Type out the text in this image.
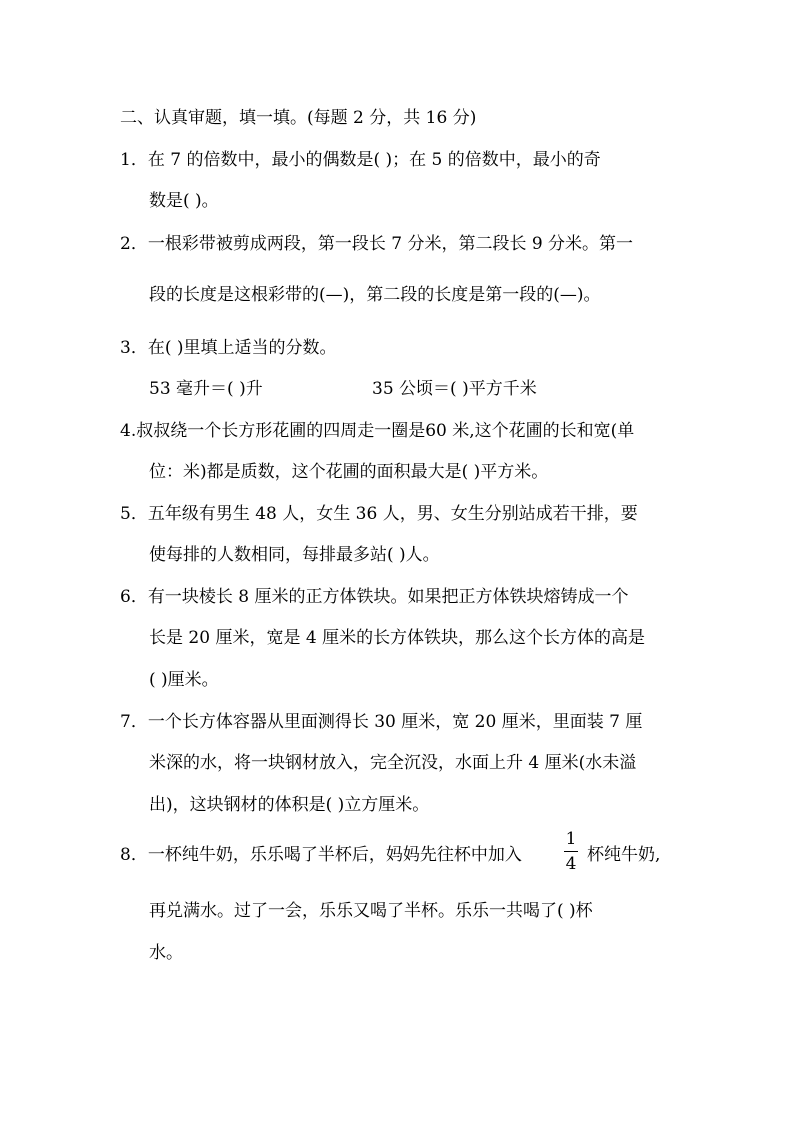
二、认真审题，填一填。(每题 2 分，共 16 分)
1．在 7 的倍数中，最小的偶数是( )；在 5 的倍数中，最小的奇
数是( )。
2．一根彩带被剪成两段，第一段长 7 分米，第二段长 9 分米。第一
段的长度是这根彩带的(—)，第二段的长度是第一段的(—)。
3．在( )里填上适当的分数。
53 毫升＝( )升	35 公顷＝( )平方千米
4.叔叔绕一个长方形花圃的四周走一圈是60 米,这个花圃的长和宽(单
位：米)都是质数，这个花圃的面积最大是( )平方米。
5．五年级有男生 48 人，女生 36 人，男、女生分别站成若干排，要
使每排的人数相同，每排最多站( )人。
6．有一块棱长 8 厘米的正方体铁块。如果把正方体铁块熔铸成一个
长是 20 厘米，宽是 4 厘米的长方体铁块，那么这个长方体的高是
( )厘米。
7．一个长方体容器从里面测得长 30 厘米，宽 20 厘米，里面装 7 厘
米深的水，将一块钢材放入，完全沉没，水面上升 4 厘米(水未溢
出)，这块钢材的体积是( )立方厘米。
8．一杯纯牛奶，乐乐喝了半杯后，妈妈先往杯中加入
1
4 杯纯牛奶,
再兑满水。过了一会，乐乐又喝了半杯。乐乐一共喝了( )杯
水。
